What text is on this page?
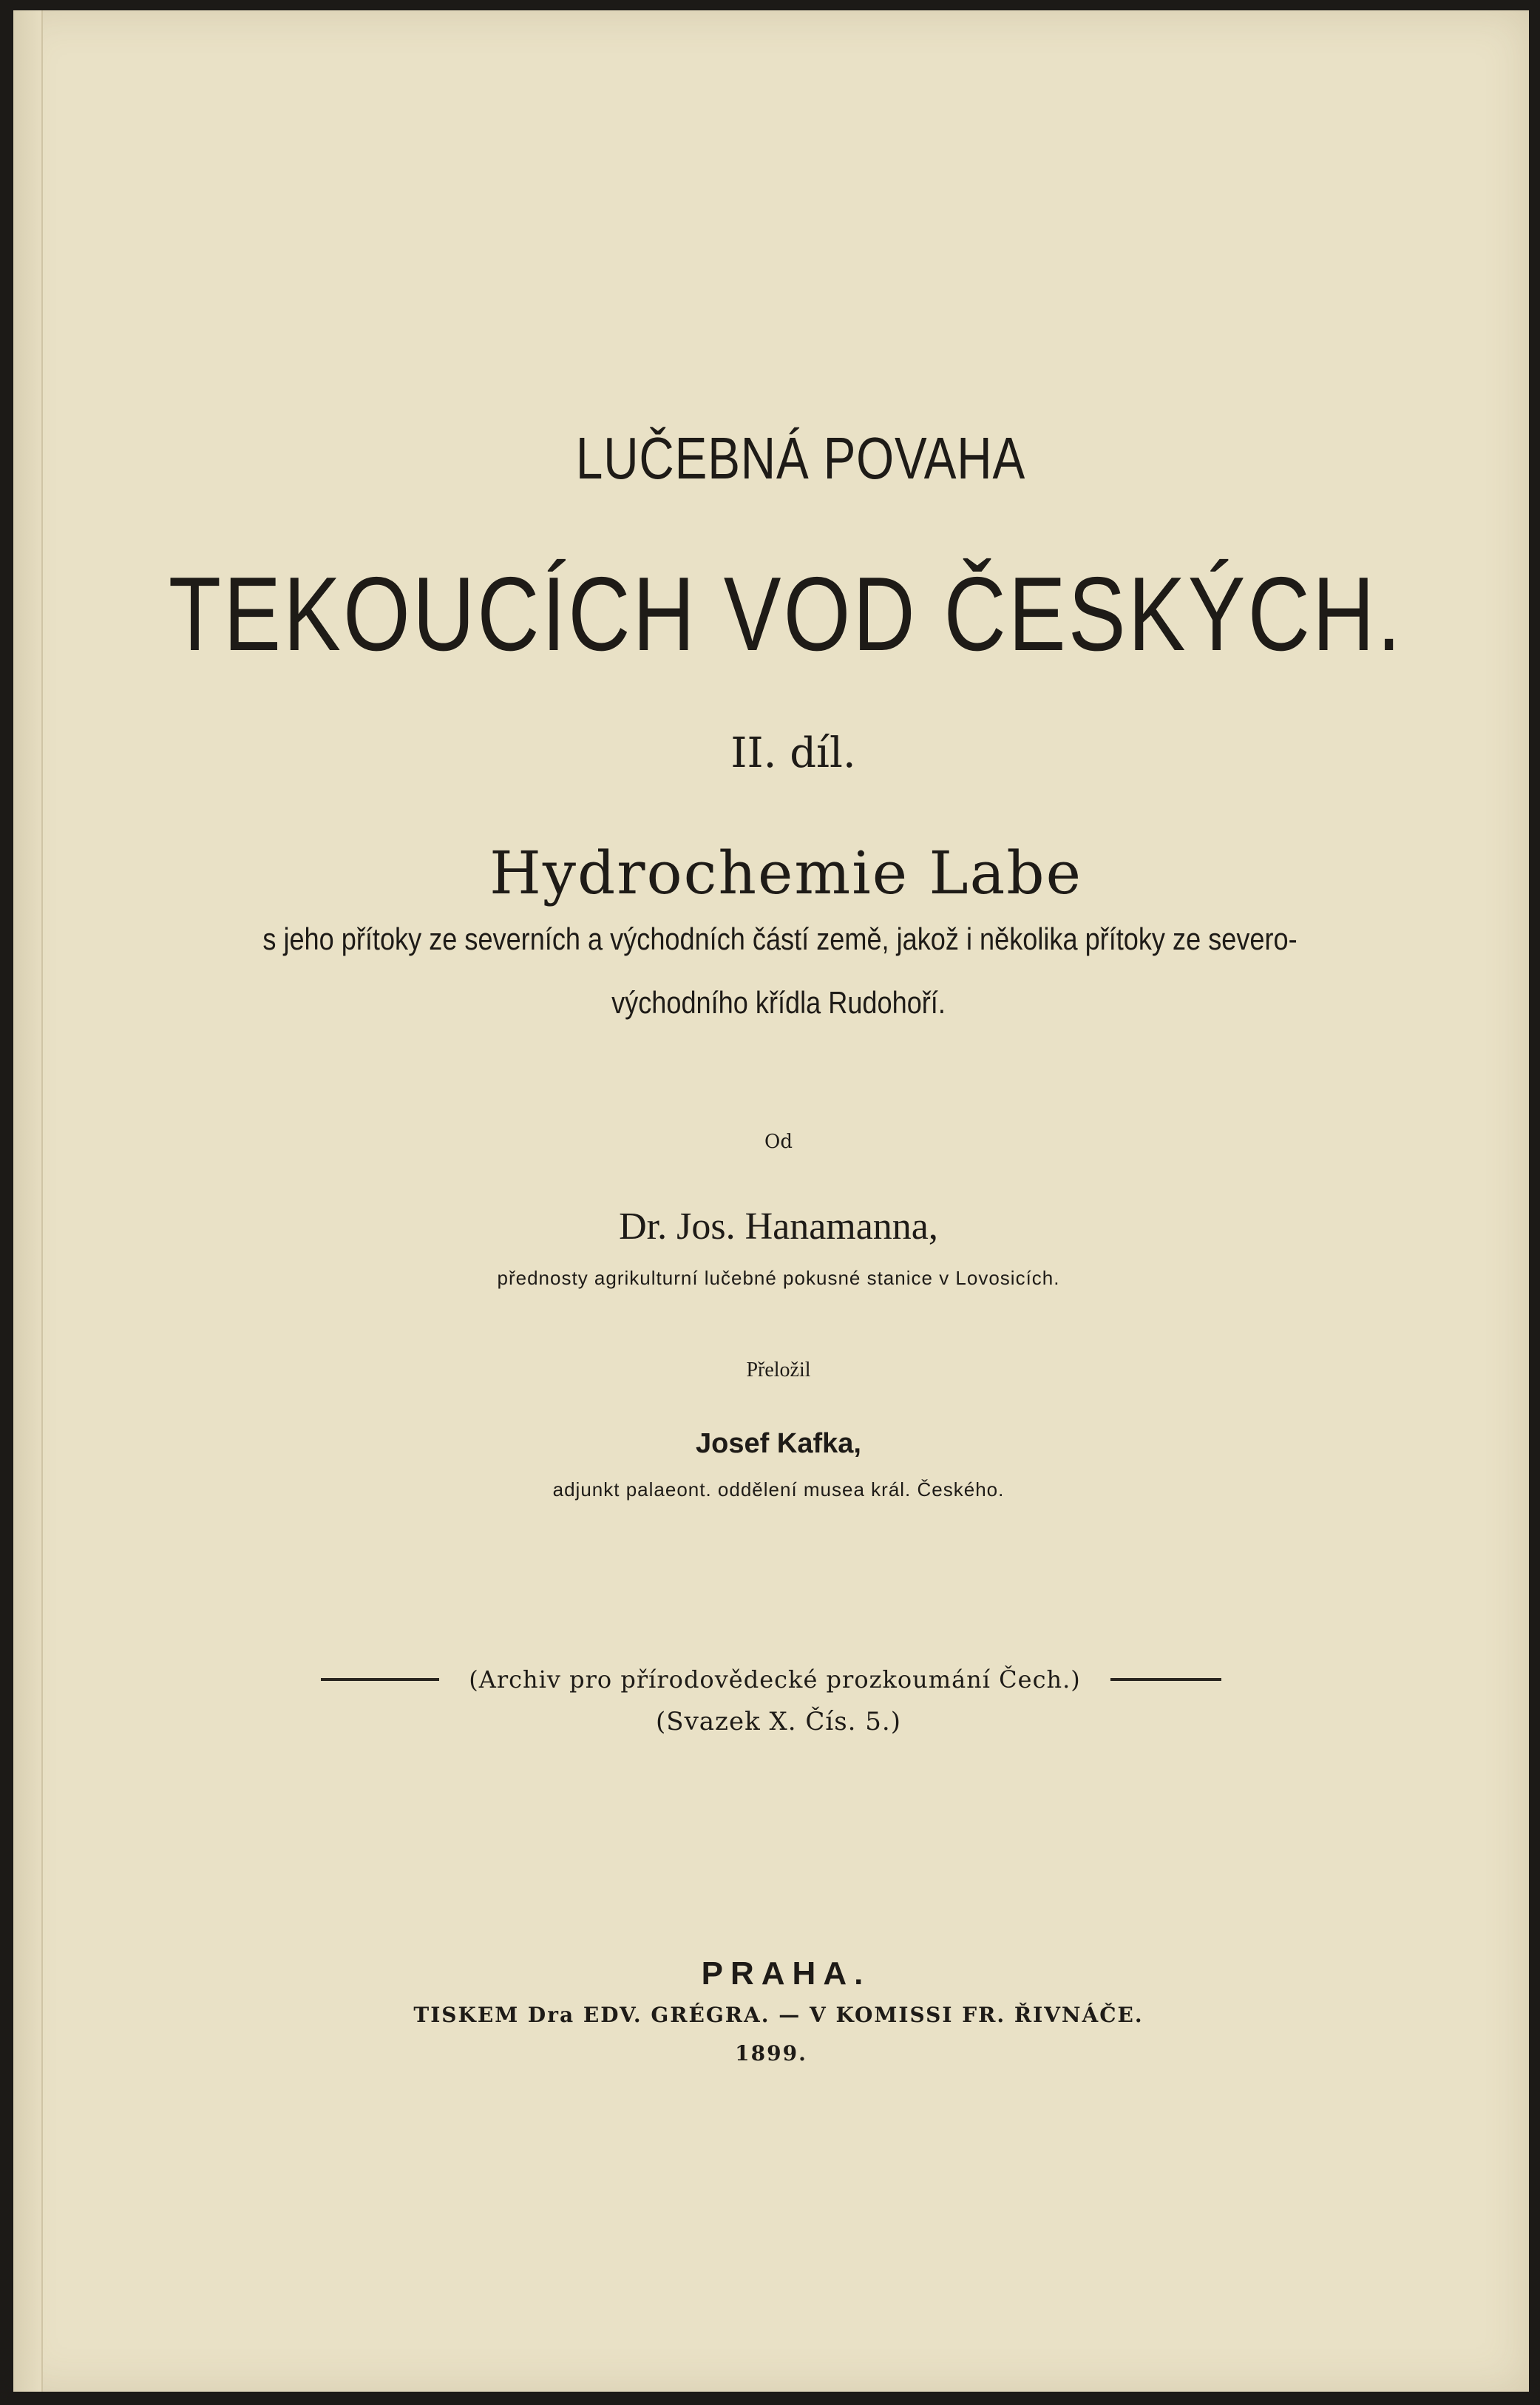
LUČEBNÁ POVAHA
TEKOUCÍCH VOD ČESKÝCH.
II. díl.
Hydrochemie Labe
s jeho přítoky ze severních a východních částí země, jakož i několika přítoky ze severo-
východního křídla Rudohoří.
Od
Dr. Jos. Hanamanna,
přednosty agrikulturní lučebné pokusné stanice v Lovosicích.
Přeložil
Josef Kafka,
adjunkt palaeont. oddělení musea král. Českého.
(Archiv pro přírodovědecké prozkoumání Čech.)
(Svazek X. Čís. 5.)
PRAHA.
TISKEM Dra EDV. GRÉGRA. — V KOMISSI FR. ŘIVNÁČE.
1899.
